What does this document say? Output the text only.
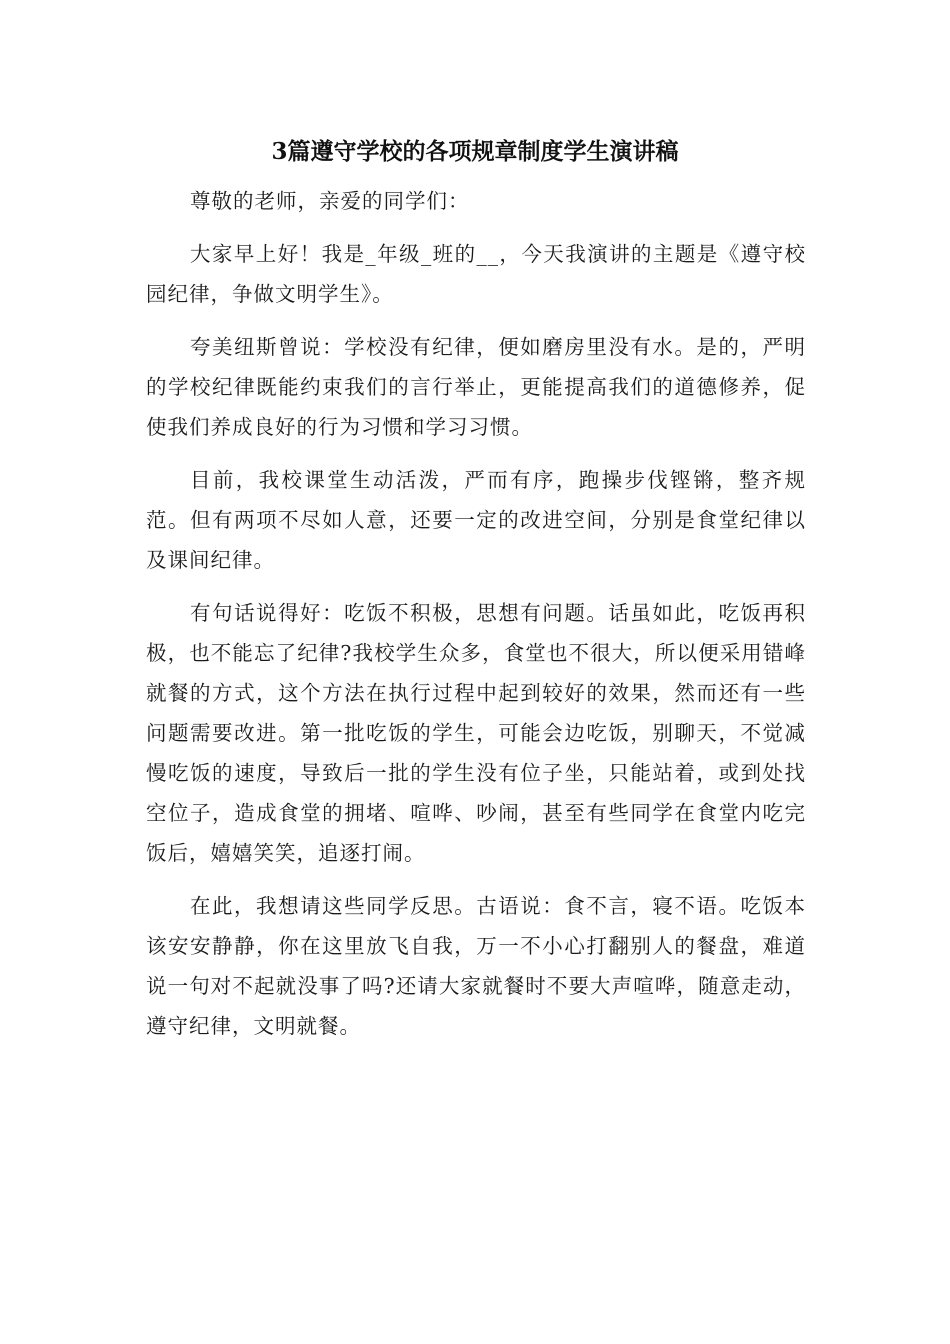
3篇遵守学校的各项规章制度学生演讲稿

尊敬的老师，亲爱的同学们：

大家早上好！我是_年级_班的__，今天我演讲的主题是《遵守校园纪律，争做文明学生》。

夸美纽斯曾说：学校没有纪律，便如磨房里没有水。是的，严明的学校纪律既能约束我们的言行举止，更能提高我们的道德修养，促使我们养成良好的行为习惯和学习习惯。

目前，我校课堂生动活泼，严而有序，跑操步伐铿锵，整齐规范。但有两项不尽如人意，还要一定的改进空间，分别是食堂纪律以及课间纪律。

有句话说得好：吃饭不积极，思想有问题。话虽如此，吃饭再积极，也不能忘了纪律?我校学生众多，食堂也不很大，所以便采用错峰就餐的方式，这个方法在执行过程中起到较好的效果，然而还有一些问题需要改进。第一批吃饭的学生，可能会边吃饭，别聊天，不觉减慢吃饭的速度，导致后一批的学生没有位子坐，只能站着，或到处找空位子，造成食堂的拥堵、喧哗、吵闹，甚至有些同学在食堂内吃完饭后，嬉嬉笑笑，追逐打闹。

在此，我想请这些同学反思。古语说：食不言，寝不语。吃饭本该安安静静，你在这里放飞自我，万一不小心打翻别人的餐盘，难道说一句对不起就没事了吗?还请大家就餐时不要大声喧哗，随意走动，遵守纪律，文明就餐。
